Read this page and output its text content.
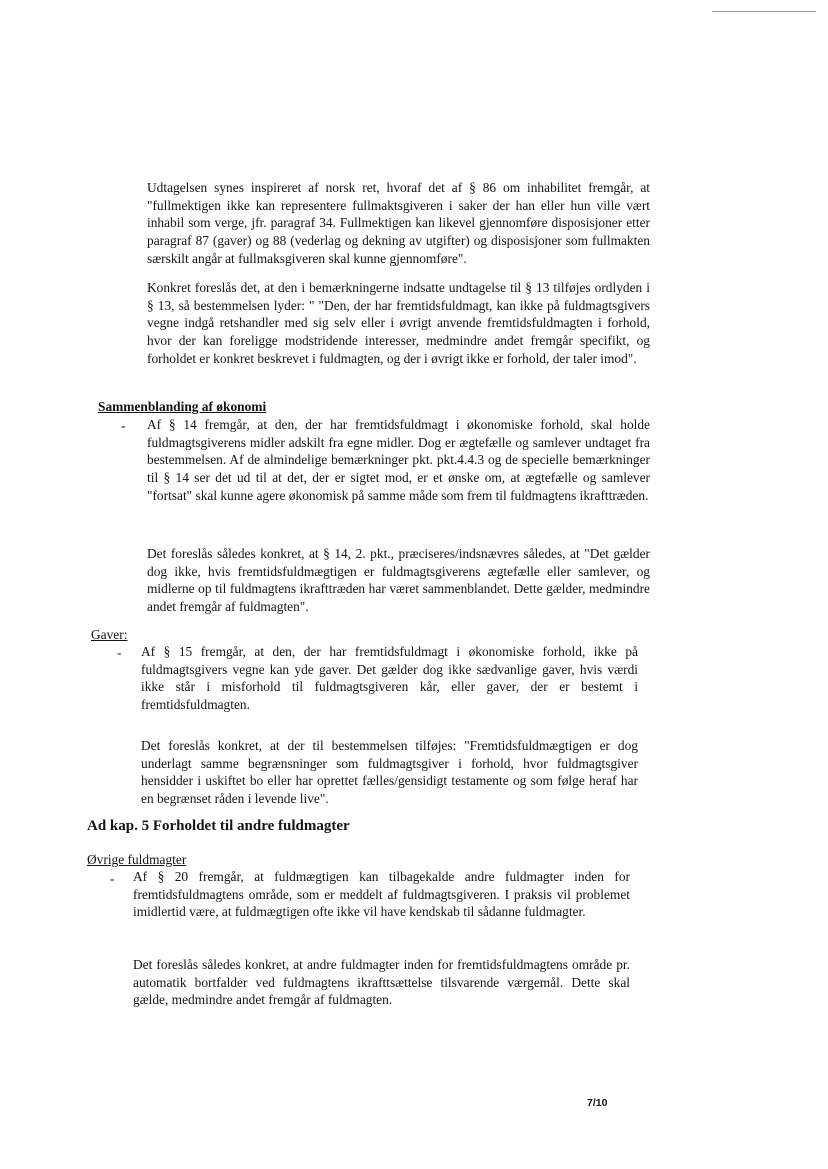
Udtagelsen synes inspireret af norsk ret, hvoraf det af § 86 om inhabilitet fremgår, at "fullmektigen ikke kan representere fullmaktsgiveren i saker der han eller hun ville vært inhabil som verge, jfr. paragraf 34. Fullmektigen kan likevel gjennomføre disposisjoner etter paragraf 87 (gaver) og 88 (vederlag og dekning av utgifter) og disposisjoner som fullmakten særskilt angår at fullmaksgiveren skal kunne gjennomføre".

Konkret foreslås det, at den i bemærkningerne indsatte undtagelse til § 13 tilføjes ordlyden i § 13, så bestemmelsen lyder: " "Den, der har fremtidsfuldmagt, kan ikke på fuldmagtsgivers vegne indgå retshandler med sig selv eller i øvrigt anvende fremtidsfuldmagten i forhold, hvor der kan foreligge modstridende interesser, medmindre andet fremgår specifikt, og forholdet er konkret beskrevet i fuldmagten, og der i øvrigt ikke er forhold, der taler imod".

Sammenblanding af økonomi
- Af § 14 fremgår, at den, der har fremtidsfuldmagt i økonomiske forhold, skal holde fuldmagtsgiverens midler adskilt fra egne midler. Dog er ægtefælle og samlever undtaget fra bestemmelsen. Af de almindelige bemærkninger pkt. pkt.4.4.3 og de specielle bemærkninger til § 14 ser det ud til at det, der er sigtet mod, er et ønske om, at ægtefælle og samlever "fortsat" skal kunne agere økonomisk på samme måde som frem til fuldmagtens ikrafttræden.

Det foreslås således konkret, at § 14, 2. pkt., præciseres/indsnævres således, at "Det gælder dog ikke, hvis fremtidsfuldmægtigen er fuldmagtsgiverens ægtefælle eller samlever, og midlerne op til fuldmagtens ikrafttræden har været sammenblandet. Dette gælder, medmindre andet fremgår af fuldmagten".

Gaver:
- Af § 15 fremgår, at den, der har fremtidsfuldmagt i økonomiske forhold, ikke på fuldmagtsgivers vegne kan yde gaver. Det gælder dog ikke sædvanlige gaver, hvis værdi ikke står i misforhold til fuldmagtsgiveren kår, eller gaver, der er bestemt i fremtidsfuldmagten.

Det foreslås konkret, at der til bestemmelsen tilføjes: "Fremtidsfuldmægtigen er dog underlagt samme begrænsninger som fuldmagtsgiver i forhold, hvor fuldmagtsgiver hensidder i uskiftet bo eller har oprettet fælles/gensidigt testamente og som følge heraf har en begrænset råden i levende live".

Ad kap. 5 Forholdet til andre fuldmagter
Øvrige fuldmagter
- Af § 20 fremgår, at fuldmægtigen kan tilbagekalde andre fuldmagter inden for fremtidsfuldmagtens område, som er meddelt af fuldmagtsgiveren. I praksis vil problemet imidlertid være, at fuldmægtigen ofte ikke vil have kendskab til sådanne fuldmagter.

Det foreslås således konkret, at andre fuldmagter inden for fremtidsfuldmagtens område pr. automatik bortfalder ved fuldmagtens ikrafttsættelse tilsvarende værgemål. Dette skal gælde, medmindre andet fremgår af fuldmagten.

7/10
